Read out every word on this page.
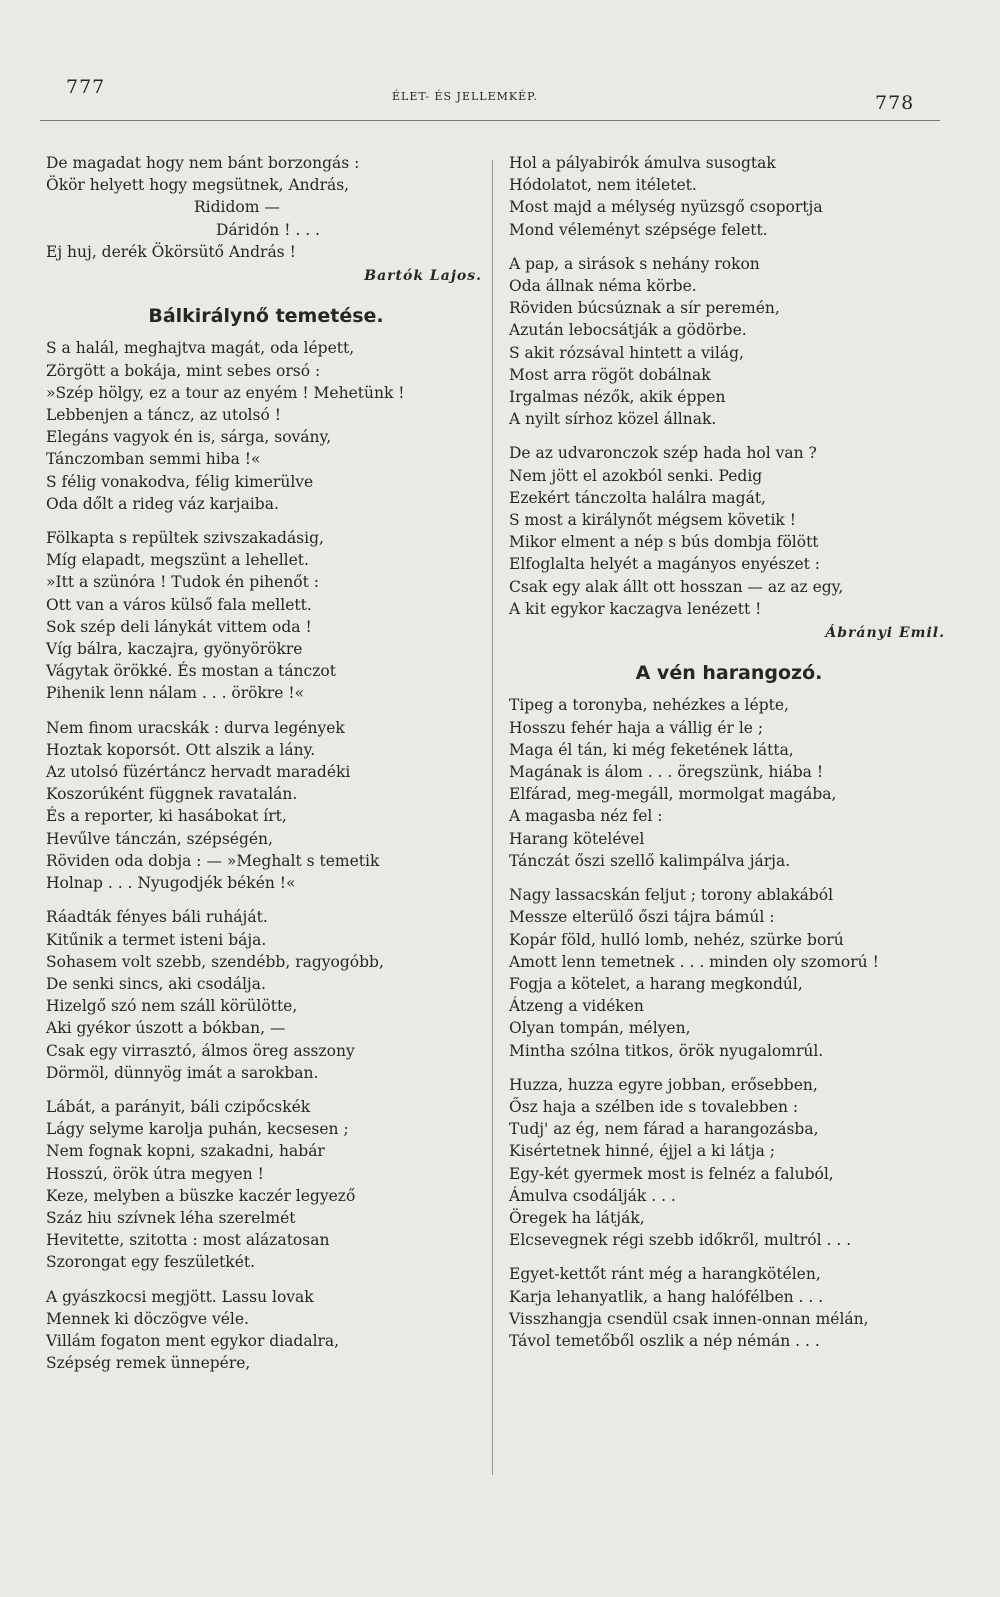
777	ÉLET- ÉS JELLEMKÉP.	778
De magadat hogy nem bánt borzongás :
Ökör helyett hogy megsütnek, András,
Rididom —
Dáridón ! . . .
Ej huj, derék Ökörsütő András !
Bartók Lajos.
Bálkirálynő temetése.
S a halál, meghajtva magát, oda lépett,
Zörgött a bokája, mint sebes orsó :
»Szép hölgy, ez a tour az enyém ! Mehetünk !
Lebbenjen a táncz, az utolsó !
Elegáns vagyok én is, sárga, sovány,
Tánczomban semmi hiba !«
S félig vonakodva, félig kimerülve
Oda dőlt a rideg váz karjaiba.
Fölkapta s repültek szivszakadásig,
Míg elapadt, megszünt a lehellet.
»Itt a szünóra ! Tudok én pihenőt :
Ott van a város külső fala mellett.
Sok szép deli lánykát vittem oda !
Víg bálra, kaczajra, gyönyörökre
Vágytak örökké. És mostan a tánczot
Pihenik lenn nálam . . . örökre !«
Nem finom uracskák : durva legények
Hoztak koporsót. Ott alszik a lány.
Az utolsó füzértáncz hervadt maradéki
Koszorúként függnek ravatalán.
És a reporter, ki hasábokat írt,
Hevűlve tánczán, szépségén,
Röviden oda dobja : — »Meghalt s temetik
Holnap . . . Nyugodjék békén !«
Ráadták fényes báli ruháját.
Kitűnik a termet isteni bája.
Sohasem volt szebb, szendébb, ragyogóbb,
De senki sincs, aki csodálja.
Hizelgő szó nem száll körülötte,
Aki gyékor úszott a bókban, —
Csak egy virrasztó, álmos öreg asszony
Dörmöl, dünnyög imát a sarokban.
Lábát, a parányit, báli czipőcskék
Lágy selyme karolja puhán, kecsesen ;
Nem fognak kopni, szakadni, habár
Hosszú, örök útra megyen !
Keze, melyben a büszke kaczér legyező
Száz hiu szívnek léha szerelmét
Hevitette, szitotta : most alázatosan
Szorongat egy feszületkét.
A gyászkocsi megjött. Lassu lovak
Mennek ki döczögve véle.
Villám fogaton ment egykor diadalra,
Szépség remek ünnepére,
Hol a pályabirók ámulva susogtak
Hódolatot, nem itéletet.
Most majd a mélység nyüzsgő csoportja
Mond véleményt szépsége felett.
A pap, a sirások s nehány rokon
Oda állnak néma körbe.
Röviden búcsúznak a sír peremén,
Azután lebocsátják a gödörbe.
S akit rózsával hintett a világ,
Most arra rögöt dobálnak
Irgalmas nézők, akik éppen
A nyilt sírhoz közel állnak.
De az udvaronczok szép hada hol van ?
Nem jött el azokból senki. Pedig
Ezekért tánczolta halálra magát,
S most a királynőt mégsem követik !
Mikor elment a nép s bús dombja fölött
Elfoglalta helyét a magányos enyészet :
Csak egy alak állt ott hosszan — az az egy,
A kit egykor kaczagva lenézett !
Ábrányi Emil.
A vén harangozó.
Tipeg a toronyba, nehézkes a lépte,
Hosszu fehér haja a vállig ér le ;
Maga él tán, ki még feketének látta,
Magának is álom . . . öregszünk, hiába !
Elfárad, meg-megáll, mormolgat magába,
A magasba néz fel :
Harang kötelével
Tánczát őszi szellő kalimpálva járja.
Nagy lassacskán feljut ; torony ablakából
Messze elterülő őszi tájra bámúl :
Kopár föld, hulló lomb, nehéz, szürke ború
Amott lenn temetnek . . . minden oly szomorú !
Fogja a kötelet, a harang megkondúl,
Átzeng a vidéken
Olyan tompán, mélyen,
Mintha szólna titkos, örök nyugalomrúl.
Huzza, huzza egyre jobban, erősebben,
Ősz haja a szélben ide s tovalebben :
Tudj' az ég, nem fárad a harangozásba,
Kisértetnek hinné, éjjel a ki látja ;
Egy-két gyermek most is felnéz a faluból,
Ámulva csodálják . . .
Öregek ha látják,
Elcsevegnek régi szebb időkről, multról . . .
Egyet-kettőt ránt még a harangkötélen,
Karja lehanyatlik, a hang halófélben . . .
Visszhangja csendül csak innen-onnan mélán,
Távol temetőből oszlik a nép némán . . .
